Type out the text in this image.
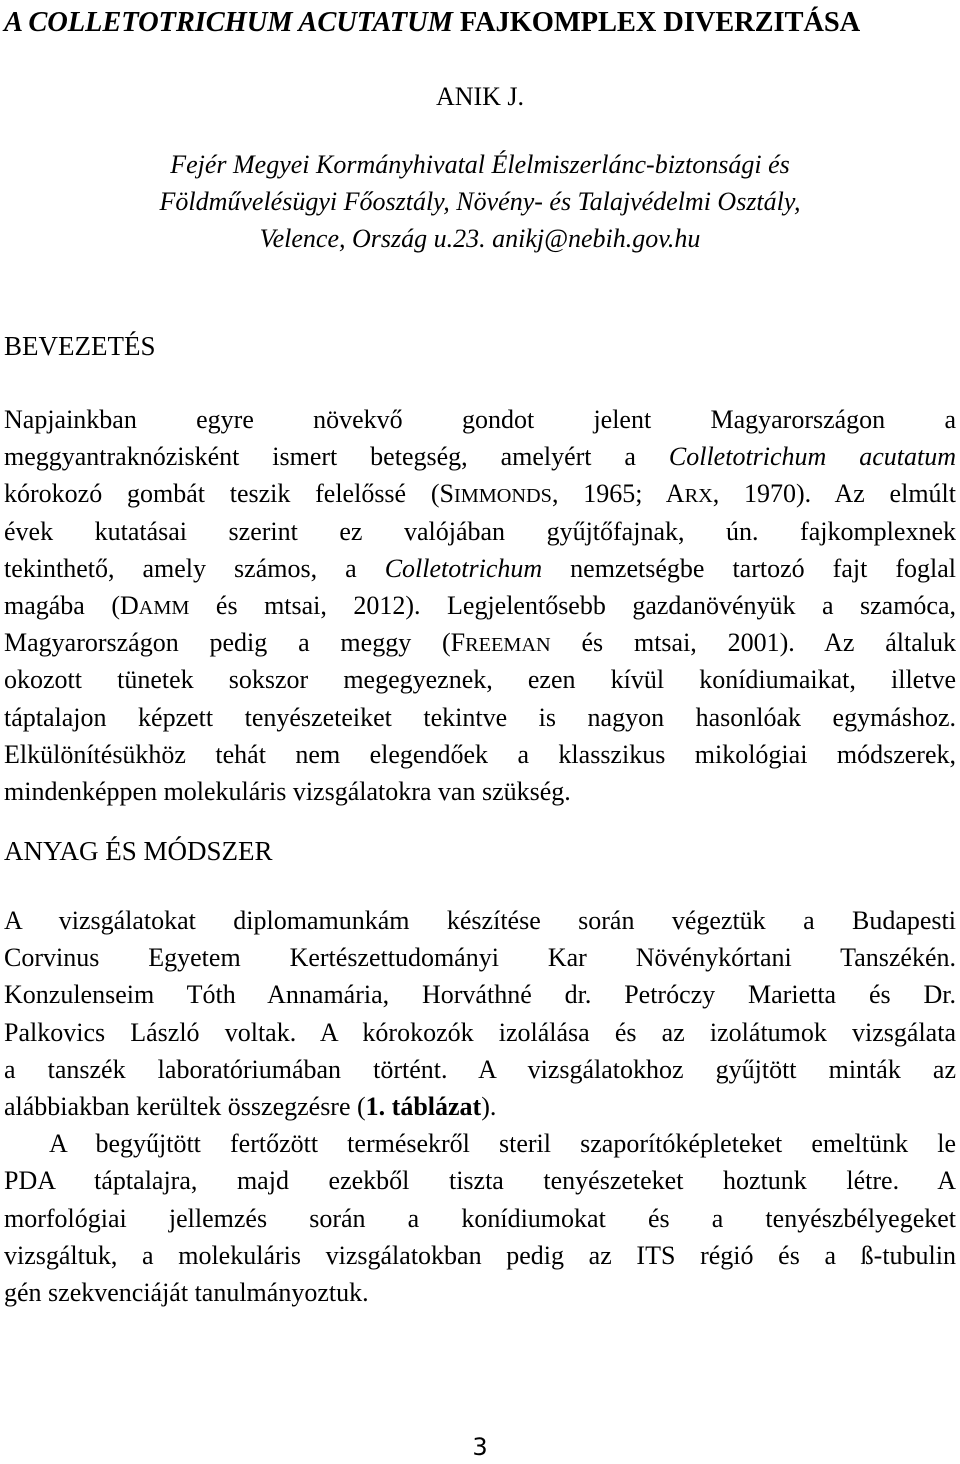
A COLLETOTRICHUM ACUTATUM FAJKOMPLEX DIVERZITÁSA
ANIK J.
Fejér Megyei Kormányhivatal Élelmiszerlánc-biztonsági és
Földművelésügyi Főosztály, Növény- és Talajvédelmi Osztály,
Velence, Ország u.23. anikj@nebih.gov.hu
BEVEZETÉS
Napjainkban egyre növekvő gondot jelent Magyarországon a
meggyantraknózisként ismert betegség, amelyért a Colletotrichum acutatum
kórokozó gombát teszik felelőssé (SIMMONDS, 1965; ARX, 1970). Az elmúlt
évek kutatásai szerint ez valójában gyűjtőfajnak, ún. fajkomplexnek
tekinthető, amely számos, a Colletotrichum nemzetségbe tartozó fajt foglal
magába (DAMM és mtsai, 2012). Legjelentősebb gazdanövényük a szamóca,
Magyarországon pedig a meggy (FREEMAN és mtsai, 2001). Az általuk
okozott tünetek sokszor megegyeznek, ezen kívül konídiumaikat, illetve
táptalajon képzett tenyészeteiket tekintve is nagyon hasonlóak egymáshoz.
Elkülönítésükhöz tehát nem elegendőek a klasszikus mikológiai módszerek,
mindenképpen molekuláris vizsgálatokra van szükség.
ANYAG ÉS MÓDSZER
A vizsgálatokat diplomamunkám készítése során végeztük a Budapesti
Corvinus Egyetem Kertészettudományi Kar Növénykórtani Tanszékén.
Konzulenseim Tóth Annamária, Horváthné dr. Petróczy Marietta és Dr.
Palkovics László voltak. A kórokozók izolálása és az izolátumok vizsgálata
a tanszék laboratóriumában történt. A vizsgálatokhoz gyűjtött minták az
alábbiakban kerültek összegzésre (1. táblázat).
A begyűjtött fertőzött termésekről steril szaporítóképleteket emeltünk le
PDA táptalajra, majd ezekből tiszta tenyészeteket hoztunk létre. A
morfológiai jellemzés során a konídiumokat és a tenyészbélyegeket
vizsgáltuk, a molekuláris vizsgálatokban pedig az ITS régió és a ß-tubulin
gén szekvenciáját tanulmányoztuk.
3
